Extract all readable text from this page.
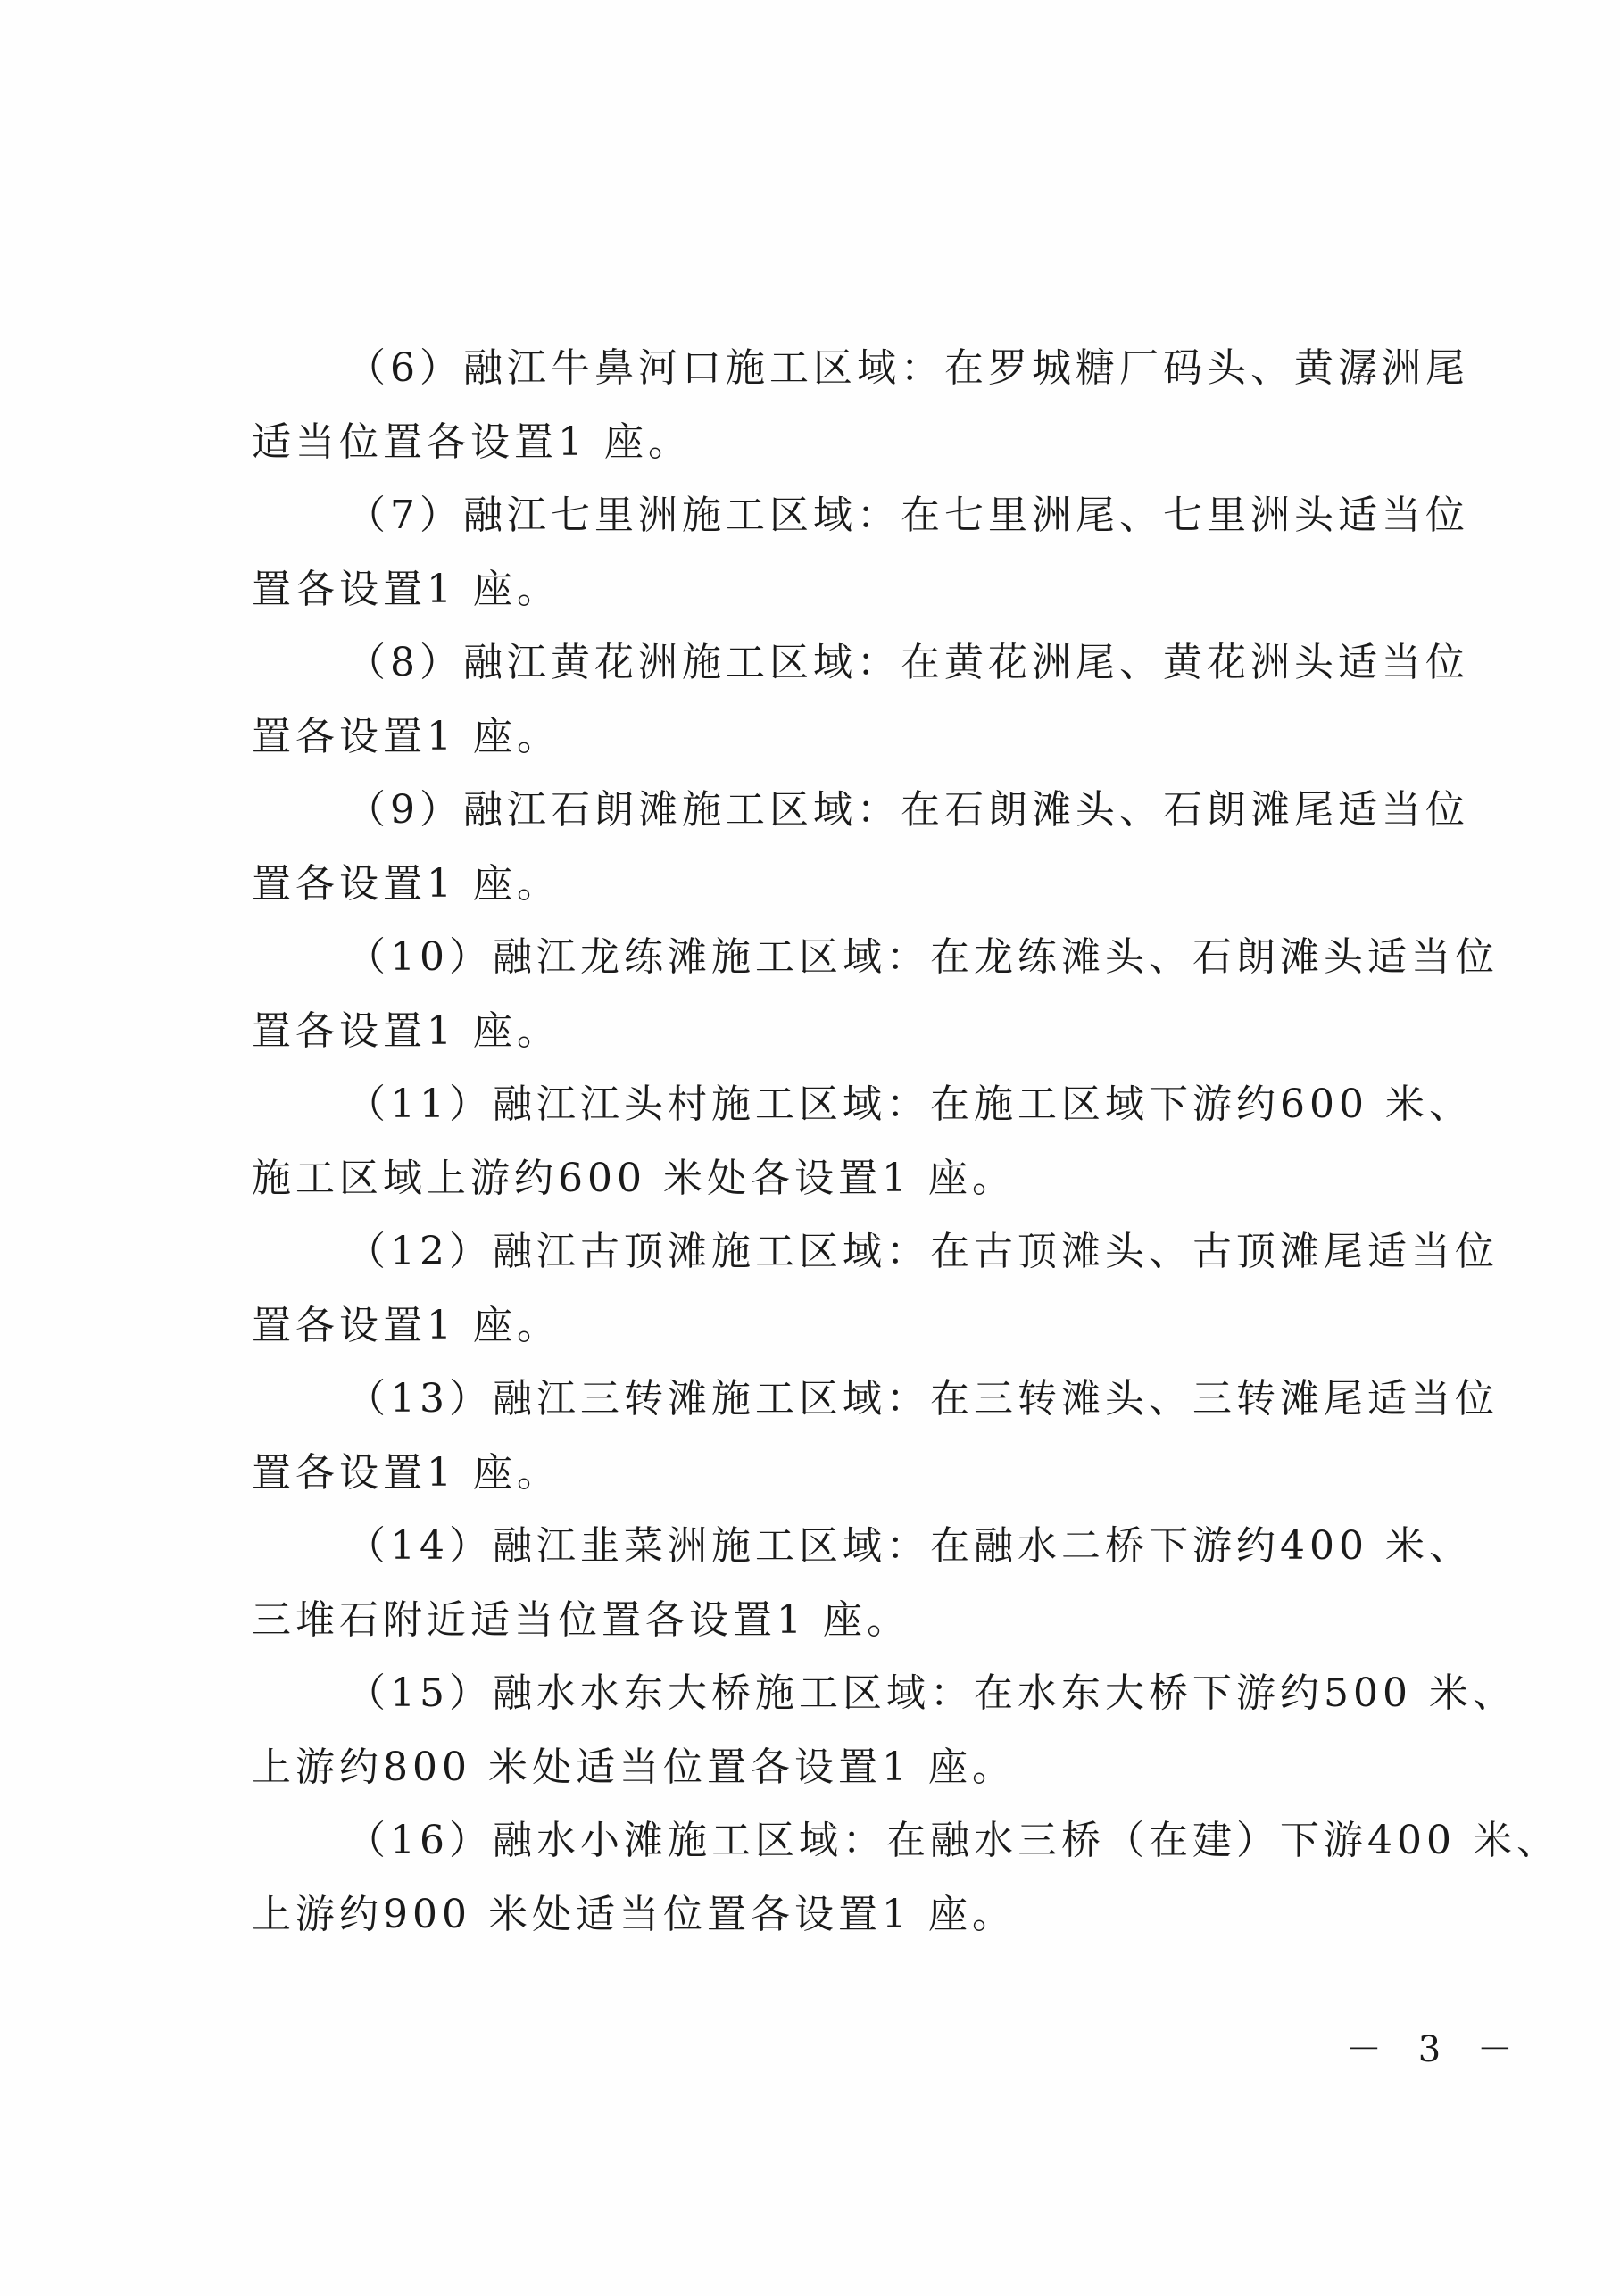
（6）融江牛鼻河口施工区域：在罗城糖厂码头、黄潺洲尾
适当位置各设置1 座。
（7）融江七里洲施工区域：在七里洲尾、七里洲头适当位
置各设置1 座。
（8）融江黄花洲施工区域：在黄花洲尾、黄花洲头适当位
置各设置1 座。
（9）融江石朗滩施工区域：在石朗滩头、石朗滩尾适当位
置各设置1 座。
（10）融江龙练滩施工区域：在龙练滩头、石朗滩头适当位
置各设置1 座。
（11）融江江头村施工区域：在施工区域下游约600 米、
施工区域上游约600 米处各设置1 座。
（12）融江古顶滩施工区域：在古顶滩头、古顶滩尾适当位
置各设置1 座。
（13）融江三转滩施工区域：在三转滩头、三转滩尾适当位
置各设置1 座。
（14）融江韭菜洲施工区域：在融水二桥下游约400 米、
三堆石附近适当位置各设置1 座。
（15）融水水东大桥施工区域：在水东大桥下游约500 米、
上游约800 米处适当位置各设置1 座。
（16）融水小滩施工区域：在融水三桥（在建）下游400 米、
上游约900 米处适当位置各设置1 座。
－ 3 －
